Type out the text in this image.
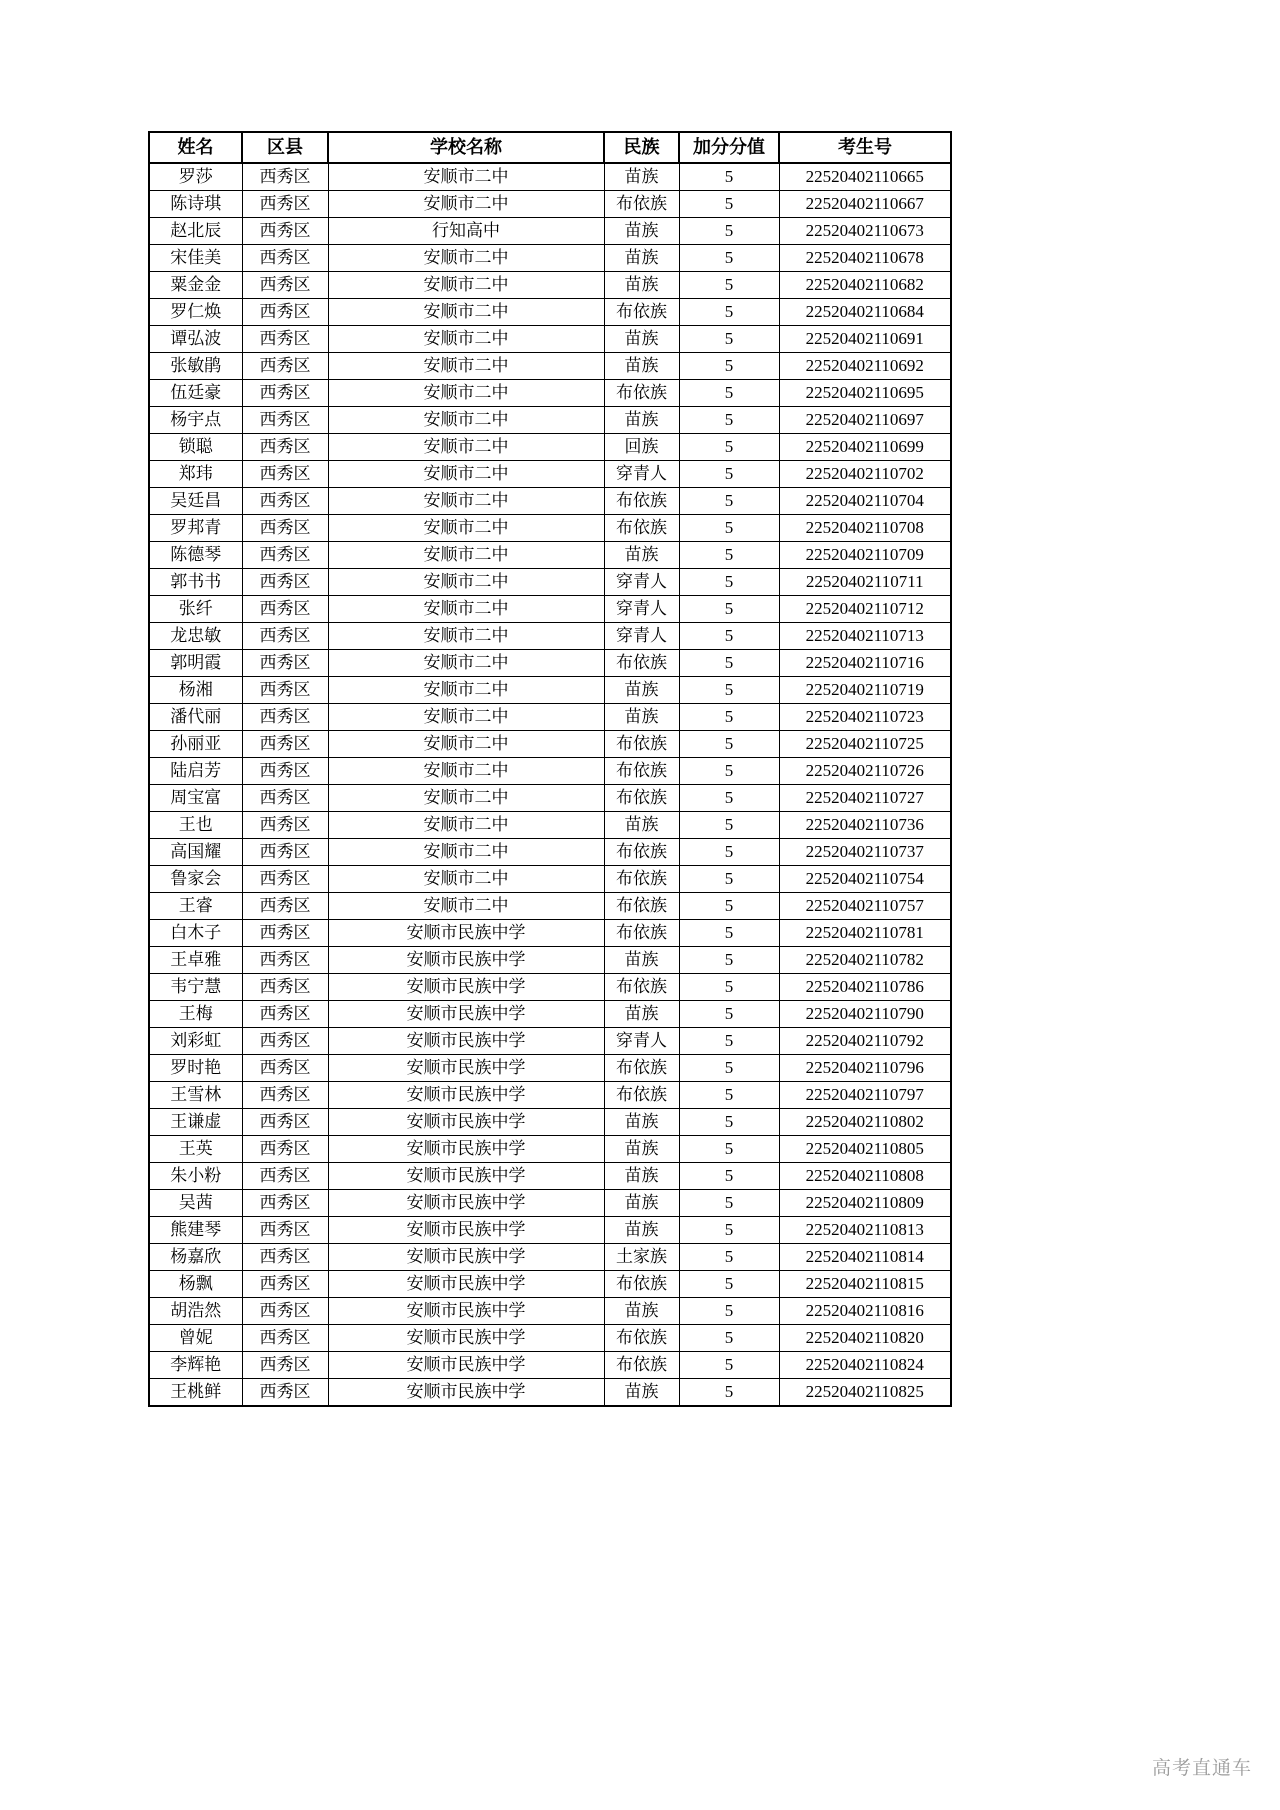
姓名	区县	学校名称	民族	加分分值	考生号
罗莎	西秀区	安顺市二中	苗族	5	22520402110665
陈诗琪	西秀区	安顺市二中	布依族	5	22520402110667
赵北辰	西秀区	行知高中	苗族	5	22520402110673
宋佳美	西秀区	安顺市二中	苗族	5	22520402110678
粟金金	西秀区	安顺市二中	苗族	5	22520402110682
罗仁焕	西秀区	安顺市二中	布依族	5	22520402110684
谭弘波	西秀区	安顺市二中	苗族	5	22520402110691
张敏鹃	西秀区	安顺市二中	苗族	5	22520402110692
伍廷豪	西秀区	安顺市二中	布依族	5	22520402110695
杨宇点	西秀区	安顺市二中	苗族	5	22520402110697
锁聪	西秀区	安顺市二中	回族	5	22520402110699
郑玮	西秀区	安顺市二中	穿青人	5	22520402110702
吴廷昌	西秀区	安顺市二中	布依族	5	22520402110704
罗邦青	西秀区	安顺市二中	布依族	5	22520402110708
陈德琴	西秀区	安顺市二中	苗族	5	22520402110709
郭书书	西秀区	安顺市二中	穿青人	5	22520402110711
张纤	西秀区	安顺市二中	穿青人	5	22520402110712
龙忠敏	西秀区	安顺市二中	穿青人	5	22520402110713
郭明霞	西秀区	安顺市二中	布依族	5	22520402110716
杨湘	西秀区	安顺市二中	苗族	5	22520402110719
潘代丽	西秀区	安顺市二中	苗族	5	22520402110723
孙丽亚	西秀区	安顺市二中	布依族	5	22520402110725
陆启芳	西秀区	安顺市二中	布依族	5	22520402110726
周宝富	西秀区	安顺市二中	布依族	5	22520402110727
王也	西秀区	安顺市二中	苗族	5	22520402110736
高国耀	西秀区	安顺市二中	布依族	5	22520402110737
鲁家会	西秀区	安顺市二中	布依族	5	22520402110754
王睿	西秀区	安顺市二中	布依族	5	22520402110757
白木子	西秀区	安顺市民族中学	布依族	5	22520402110781
王卓雅	西秀区	安顺市民族中学	苗族	5	22520402110782
韦宁慧	西秀区	安顺市民族中学	布依族	5	22520402110786
王梅	西秀区	安顺市民族中学	苗族	5	22520402110790
刘彩虹	西秀区	安顺市民族中学	穿青人	5	22520402110792
罗时艳	西秀区	安顺市民族中学	布依族	5	22520402110796
王雪林	西秀区	安顺市民族中学	布依族	5	22520402110797
王谦虚	西秀区	安顺市民族中学	苗族	5	22520402110802
王英	西秀区	安顺市民族中学	苗族	5	22520402110805
朱小粉	西秀区	安顺市民族中学	苗族	5	22520402110808
吴茜	西秀区	安顺市民族中学	苗族	5	22520402110809
熊建琴	西秀区	安顺市民族中学	苗族	5	22520402110813
杨嘉欣	西秀区	安顺市民族中学	土家族	5	22520402110814
杨飘	西秀区	安顺市民族中学	布依族	5	22520402110815
胡浩然	西秀区	安顺市民族中学	苗族	5	22520402110816
曾妮	西秀区	安顺市民族中学	布依族	5	22520402110820
李辉艳	西秀区	安顺市民族中学	布依族	5	22520402110824
王桃鲜	西秀区	安顺市民族中学	苗族	5	22520402110825
高考直通车
